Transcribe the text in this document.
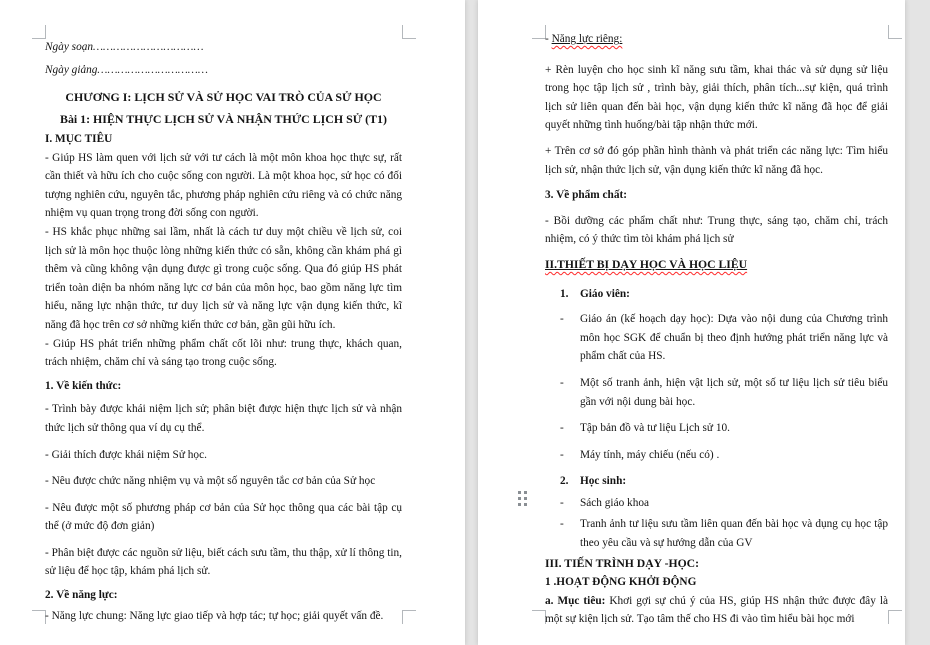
Ngày soạn……………………………

Ngày giảng……………………………

CHƯƠNG I: LỊCH SỬ VÀ SỬ HỌC VAI TRÒ CỦA SỬ HỌC

Bài 1: HIỆN THỰC LỊCH SỬ VÀ NHẬN THỨC LỊCH SỬ (T1)

I. MỤC TIÊU

- Giúp HS làm quen với lịch sử với tư cách là một môn khoa học thực sự, rất cần thiết và hữu ích cho cuộc sống con người. Là một khoa học, sử học có đối tượng nghiên cứu, nguyên tắc, phương pháp nghiên cứu riêng và có chức năng nhiệm vụ quan trọng trong đời sống con người.

- HS khắc phục những sai lầm, nhất là cách tư duy một chiều về lịch sử, coi lịch sử là môn học thuộc lòng những kiến thức có sẵn, không cần khám phá gì thêm và cũng không vận dụng được gì trong cuộc sống. Qua đó giúp HS phát triển toàn diện ba nhóm năng lực cơ bản của môn học, bao gồm năng lực tìm hiểu, năng lực nhận thức, tư duy lịch sử và năng lực vận dụng kiến thức, kĩ năng đã học trên cơ sở những kiến thức cơ bản, gần gũi hữu ích.

- Giúp HS phát triển những phẩm chất cốt lõi như: trung thực, khách quan, trách nhiệm, chăm chỉ và sáng tạo trong cuộc sống.

1. Về kiến thức:

- Trình bày được khái niệm lịch sử; phân biệt được hiện thực lịch sử và nhận thức lịch sử thông qua ví dụ cụ thể.

- Giải thích được khái niệm Sử học.

- Nêu được chức năng nhiệm vụ và một số nguyên tắc cơ bản của Sử học

- Nêu được một số phương pháp cơ bản của Sử học thông qua các bài tập cụ thể (ở mức độ đơn giản)

- Phân biệt được các nguồn sử liệu, biết cách sưu tầm, thu thập, xử lí thông tin, sử liệu để học tập, khám phá lịch sử.

2. Về năng lực:

- Năng lực chung: Năng lực giao tiếp và hợp tác; tự học; giải quyết vấn đề.

- Năng lực riêng:

+ Rèn luyện cho học sinh kĩ năng sưu tầm, khai thác và sử dụng sử liệu trong học tập lịch sử , trình bày, giải thích, phân tích...sự kiện, quá trình lịch sử liên quan đến bài học, vận dụng kiến thức kĩ năng đã học để giải quyết những tình huống/bài tập nhận thức mới.

+ Trên cơ sở đó góp phần hình thành và phát triển các năng lực: Tìm hiểu lịch sử, nhận thức lịch sử, vận dụng kiến thức kĩ năng đã học.

3. Về phẩm chất:

- Bồi dưỡng các phẩm chất như: Trung thực, sáng tạo, chăm chỉ, trách nhiệm, có ý thức tìm tòi khám phá lịch sử

II.THIẾT BỊ DẠY HỌC VÀ HỌC LIỆU

1.	Giáo viên:
-	Giáo án (kế hoạch dạy học): Dựa vào nội dung của Chương trình môn học SGK để chuẩn bị theo định hướng phát triển năng lực và phẩm chất của HS.
-	Một số tranh ảnh, hiện vật lịch sử, một số tư liệu lịch sử tiêu biểu gần với nội dung bài học.
-	Tập bản đồ và tư liệu Lịch sử 10.
-	Máy tính, máy chiếu (nếu có) .
2.	Học sinh:
-	Sách giáo khoa
-	Tranh ảnh tư liệu sưu tầm liên quan đến bài học và dụng cụ học tập theo yêu cầu và sự hướng dẫn của GV

III. TIẾN TRÌNH DẠY -HỌC:

1 .HOẠT ĐỘNG KHỞI ĐỘNG

a. Mục tiêu: Khơi gợi sự chú ý của HS, giúp HS nhận thức được đây là một sự kiện lịch sử. Tạo tâm thế cho HS đi vào tìm hiểu bài học mới
